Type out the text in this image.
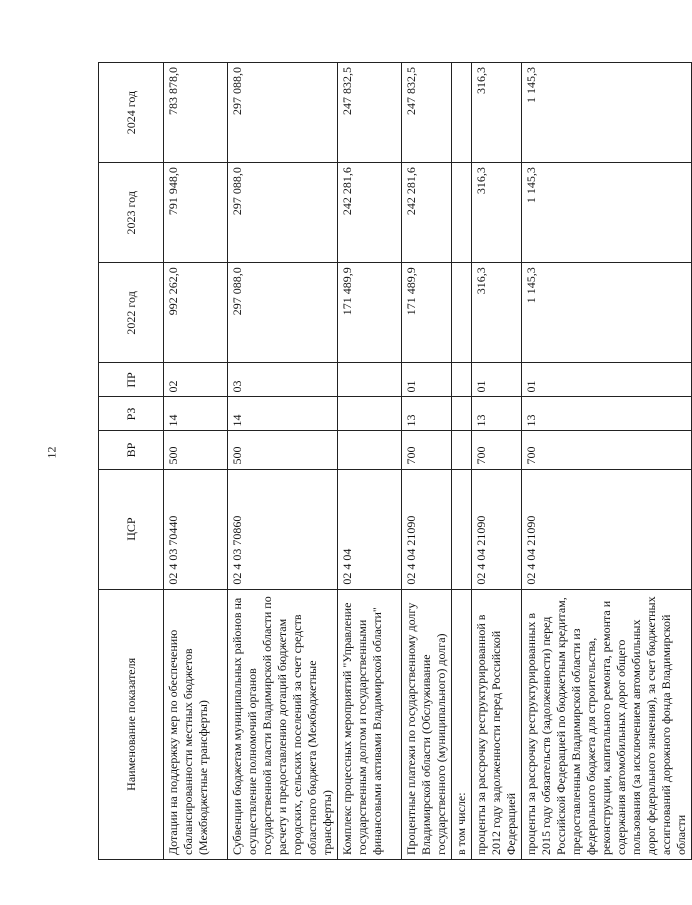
12
Наименование показателя	ЦСР	ВР	РЗ	ПР	2022 год	2023 год	2024 год
Дотации на поддержку мер по обеспечению сбалансированности местных бюджетов (Межбюджетные трансферты)	02 4 03 70440	500	14	02	992 262,0	791 948,0	783 878,0
Субвенции бюджетам муниципальных районов на осуществление полномочий органов государственной власти Владимирской области по расчету и предоставлению дотаций бюджетам городских, сельских поселений за счет средств областного бюджета (Межбюджетные трансферты)	02 4 03 70860	500	14	03	297 088,0	297 088,0	297 088,0
Комплекс процессных мероприятий "Управление государственным долгом и государственными финансовыми активами Владимирской области"	02 4 04				171 489,9	242 281,6	247 832,5
Процентные платежи по государственному долгу Владимирской области (Обслуживание государственного (муниципального) долга)	02 4 04 21090	700	13	01	171 489,9	242 281,6	247 832,5
в том числе:							
проценты за рассрочку реструктурированной в 2012 году задолженности перед Российской Федерацией	02 4 04 21090	700	13	01	316,3	316,3	316,3
проценты за рассрочку реструктурированных в 2015 году обязательств (задолженности) перед Российской Федерацией по бюджетным кредитам, предоставленным Владимирской области из федерального бюджета для строительства, реконструкции, капитального ремонта, ремонта и содержания автомобильных дорог общего пользования (за исключением автомобильных дорог федерального значения), за счет бюджетных ассигнований дорожного фонда Владимирской области	02 4 04 21090	700	13	01	1 145,3	1 145,3	1 145,3
